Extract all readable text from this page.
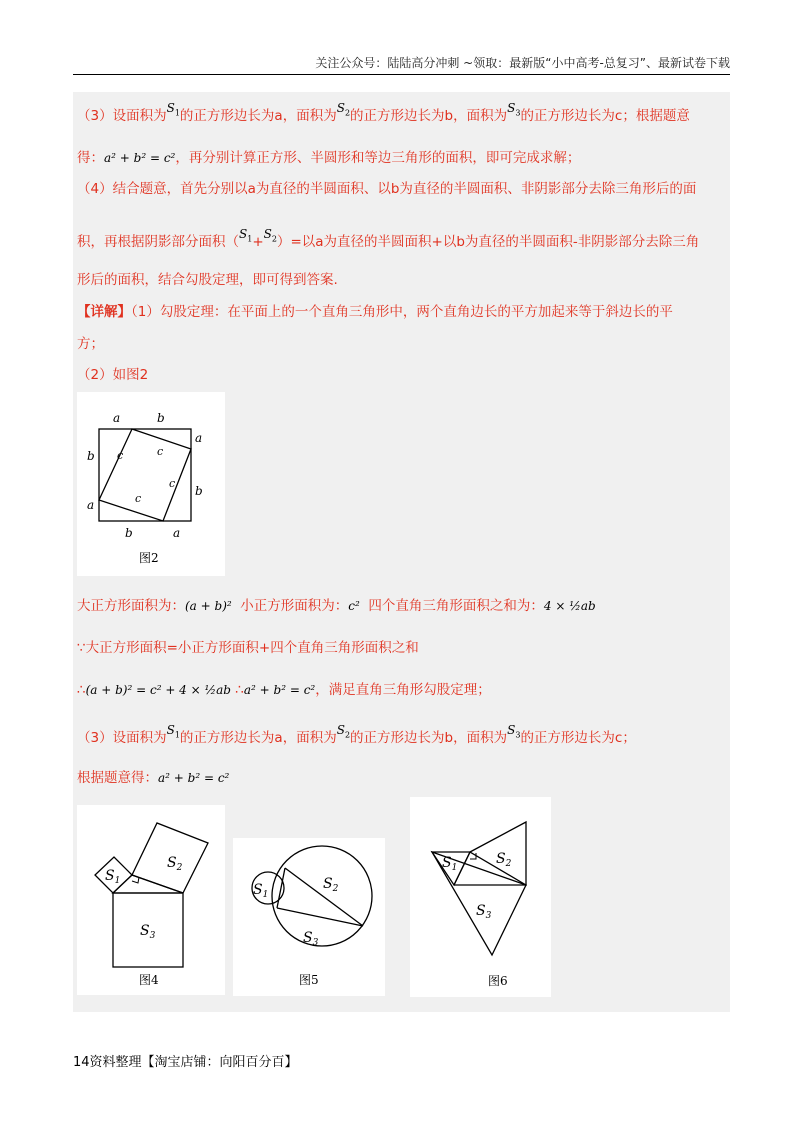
关注公众号：陆陆高分冲刺 ~领取：最新版“小中高考-总复习”、最新试卷下载
（3）设面积为$S_1$的正方形边长为a，面积为$S_2$的正方形边长为b，面积为$S_3$的正方形边长为c；根据题意
得：a² + b² = c²，再分别计算正方形、半圆形和等边三角形的面积，即可完成求解；
（4）结合题意，首先分别以a为直径的半圆面积、以b为直径的半圆面积、非阴影部分去除三角形后的面
积，再根据阴影部分面积$(S_1+S_2)=$以a为直径的半圆面积+以b为直径的半圆面积-非阴影部分去除三角
形后的面积，结合勾股定理，即可得到答案.
【详解】（1）勾股定理：在平面上的一个直角三角形中，两个直角边长的平方加起来等于斜边长的平
方；
（2）如图2
a	b
a
b
b
a
b	a
c	c
c
c
图2
大正方形面积为：(a + b)² 小正方形面积为：c² 四个直角三角形面积之和为：4 × ½ab
∵大正方形面积=小正方形面积+四个直角三角形面积之和
∴(a + b)² = c² + 4 × ½ab ∴a² + b² = c²，满足直角三角形勾股定理；
（3）设面积为$S_1$的正方形边长为a，面积为$S_2$的正方形边长为b，面积为$S_3$的正方形边长为c；
根据题意得：a² + b² = c²
$S_1$
$S_2$
$S_3$
图4
$S_1$
$S_2$
$S_3$
图5
$S_1$
$S_2$
$S_3$
图6
14资料整理【淘宝店铺：向阳百分百】
